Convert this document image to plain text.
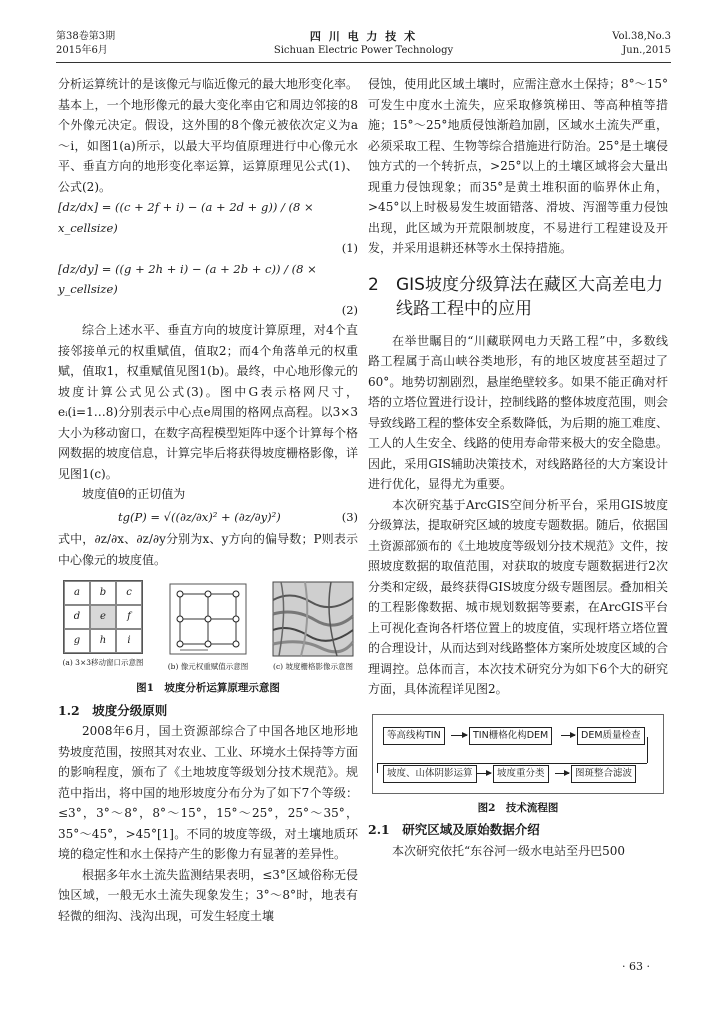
第38卷第3期
2015年6月
四 川 电 力 技 术
Sichuan Electric Power Technology
Vol.38,No.3
Jun.,2015

分析运算统计的是该像元与临近像元的最大地形变化率。基本上，一个地形像元的最大变化率由它和周边邻接的8个外像元决定。假设，这外围的8个像元被依次定义为a～i，如图1(a)所示，以最大平均值原理进行中心像元水平、垂直方向的地形变化率运算，运算原理见公式(1)、公式(2)。

[dz/dx] = ((c + 2f + i) − (a + 2d + g)) / (8 × x_cellsize)
(1)
[dz/dy] = ((g + 2h + i) − (a + 2b + c)) / (8 × y_cellsize)
(2)

综合上述水平、垂直方向的坡度计算原理，对4个直接邻接单元的权重赋值，值取2；而4个角落单元的权重赋，值取1，权重赋值见图1(b)。最终，中心地形像元的坡度计算公式见公式(3)。图中G表示格网尺寸，eᵢ(i=1…8)分别表示中心点e周围的格网点高程。以3×3大小为移动窗口，在数字高程模型矩阵中逐个计算每个格网数据的坡度信息，计算完毕后将获得坡度栅格影像，详见图1(c)。

坡度值θ的正切值为

tg(P) = √((∂z/∂x)² + (∂z/∂y)²)	(3)

式中，∂z/∂x、∂z/∂y分别为x、y方向的偏导数；P则表示中心像元的坡度值。

a	b	c
d	e	f
g	h	i
(a) 3×3移动窗口示意图	(b) 像元权重赋值示意图	(c) 坡度栅格影像示意图
图1　坡度分析运算原理示意图
1.2　坡度分级原则

2008年6月，国土资源部综合了中国各地区地形地势坡度范围，按照其对农业、工业、环境水土保持等方面的影响程度，颁布了《土地坡度等级划分技术规范》。规范中指出，将中国的地形坡度分布分为了如下7个等级：≤3°，3°～8°，8°～15°，15°～25°，25°～35°，35°～45°，>45°[1]。不同的坡度等级，对土壤地质环境的稳定性和水土保持产生的影像力有显著的差异性。

根据多年水土流失监测结果表明，≤3°区域俗称无侵蚀区域，一般无水土流失现象发生；3°～8°时，地表有轻微的细沟、浅沟出现，可发生轻度土壤

侵蚀，使用此区域土壤时，应需注意水土保持；8°～15°可发生中度水土流失，应采取修筑梯田、等高种植等措施；15°～25°地质侵蚀渐趋加剧，区域水土流失严重，必须采取工程、生物等综合措施进行防治。25°是土壤侵蚀方式的一个转折点，>25°以上的土壤区域将会大量出现重力侵蚀现象；而35°是黄土堆积面的临界休止角，>45°以上时极易发生坡面错落、滑坡、泻溜等重力侵蚀出现，此区域为开荒限制坡度，不易进行工程建设及开发，并采用退耕还林等水土保持措施。

2 GIS坡度分级算法在藏区大高差电力线路工程中的应用

在举世瞩目的“川藏联网电力天路工程”中，多数线路工程属于高山峡谷类地形，有的地区坡度甚至超过了60°。地势切割剧烈，悬崖绝壁较多。如果不能正确对杆塔的立塔位置进行设计，控制线路的整体坡度范围，则会导致线路工程的整体安全系数降低，为后期的施工难度、工人的人生安全、线路的使用寿命带来极大的安全隐患。因此，采用GIS辅助决策技术，对线路路径的大方案设计进行优化，显得尤为重要。

本次研究基于ArcGIS空间分析平台，采用GIS坡度分级算法，提取研究区域的坡度专题数据。随后，依据国土资源部颁布的《土地坡度等级划分技术规范》文件，按照坡度数据的取值范围，对获取的坡度专题数据进行2次分类和定级，最终获得GIS坡度分级专题图层。叠加相关的工程影像数据、城市规划数据等要素，在ArcGIS平台上可视化查询各杆塔位置上的坡度值，实现杆塔立塔位置的合理设计，从而达到对线路整体方案所处坡度区域的合理调控。总体而言，本次技术研究分为如下6个大的研究方面，具体流程详见图2。

等高线构TIN	TIN栅格化构DEM	DEM质量检查
坡度、山体阴影运算	坡度重分类	图斑整合滤波
图2　技术流程图
2.1　研究区域及原始数据介绍

本次研究依托“东谷河一级水电站至丹巴500

· 63 ·
